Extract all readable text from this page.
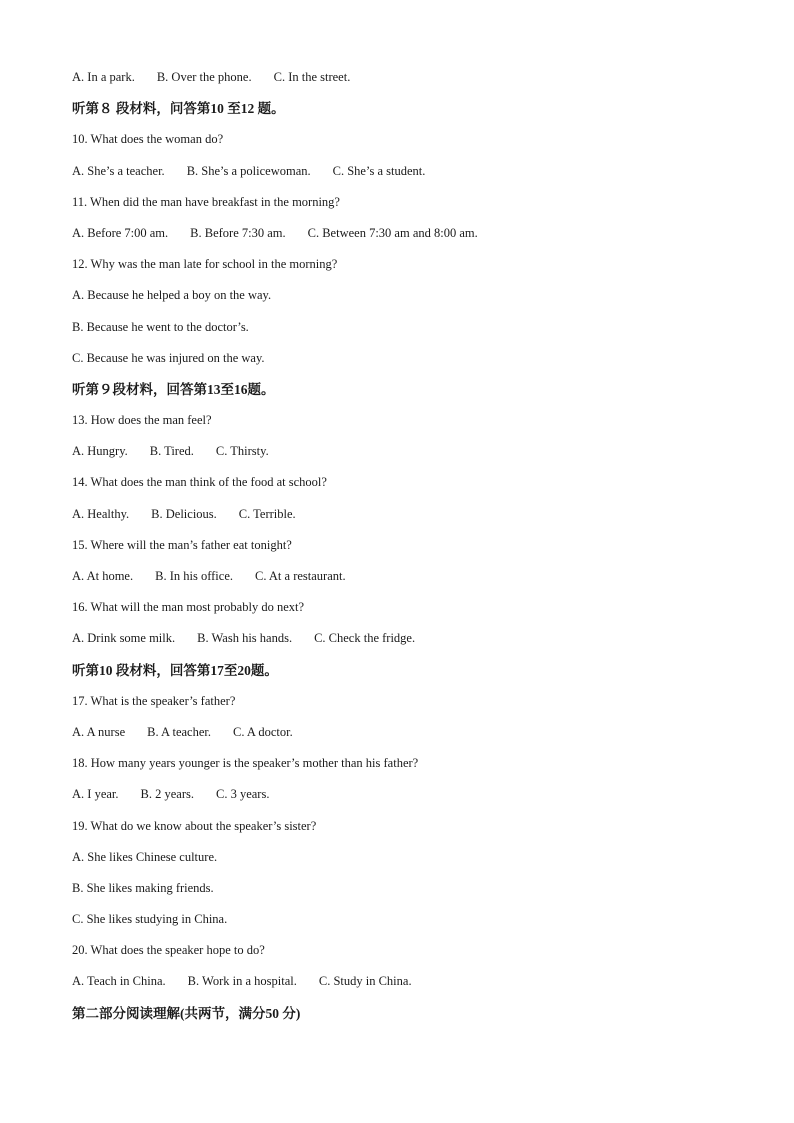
A. In a park. B. Over the phone. C. In the street.
听第８ 段材料，问答第10 至12 题。
10. What does the woman do?
A. She’s a teacher. B. She’s a policewoman. C. She’s a student.
11. When did the man have breakfast in the morning?
A. Before 7:00 am. B. Before 7:30 am. C. Between 7:30 am and 8:00 am.
12. Why was the man late for school in the morning?
A. Because he helped a boy on the way.
B. Because he went to the doctor’s.
C. Because he was injured on the way.
听第９段材料，回答第13至16题。
13. How does the man feel?
A. Hungry. B. Tired. C. Thirsty.
14. What does the man think of the food at school?
A. Healthy. B. Delicious. C. Terrible.
15. Where will the man’s father eat tonight?
A. At home. B. In his office. C. At a restaurant.
16. What will the man most probably do next?
A. Drink some milk. B. Wash his hands. C. Check the fridge.
听第10 段材料，回答第17至20题。
17. What is the speaker’s father?
A. A nurse B. A teacher. C. A doctor.
18. How many years younger is the speaker’s mother than his father?
A. I year. B. 2 years. C. 3 years.
19. What do we know about the speaker’s sister?
A. She likes Chinese culture.
B. She likes making friends.
C. She likes studying in China.
20. What does the speaker hope to do?
A. Teach in China. B. Work in a hospital. C. Study in China.
第二部分阅读理解(共两节，满分50 分)
